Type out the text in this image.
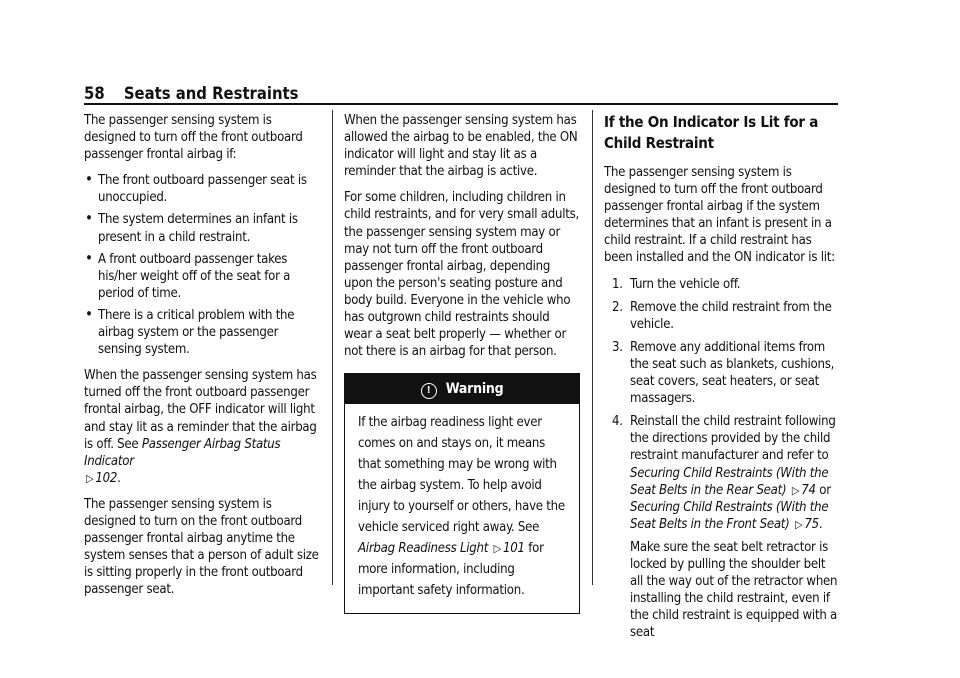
58 Seats and Restraints

The passenger sensing system is designed to turn off the front outboard passenger frontal airbag if:

• The front outboard passenger seat is unoccupied.
• The system determines an infant is present in a child restraint.
• A front outboard passenger takes his/her weight off of the seat for a period of time.
• There is a critical problem with the airbag system or the passenger sensing system.

When the passenger sensing system has turned off the front outboard passenger frontal airbag, the OFF indicator will light and stay lit as a reminder that the airbag is off. See Passenger Airbag Status Indicator
▷ 102.

The passenger sensing system is designed to turn on the front outboard passenger frontal airbag anytime the system senses that a person of adult size is sitting properly in the front outboard passenger seat.

When the passenger sensing system has allowed the airbag to be enabled, the ON indicator will light and stay lit as a reminder that the airbag is active.

For some children, including children in child restraints, and for very small adults, the passenger sensing system may or may not turn off the front outboard passenger frontal airbag, depending upon the person's seating posture and body build. Everyone in the vehicle who has outgrown child restraints should wear a seat belt properly — whether or not there is an airbag for that person.

! Warning
If the airbag readiness light ever comes on and stays on, it means that something may be wrong with the airbag system. To help avoid injury to yourself or others, have the vehicle serviced right away. See Airbag Readiness Light ▷ 101 for more information, including important safety information.
If the On Indicator Is Lit for a Child Restraint

The passenger sensing system is designed to turn off the front outboard passenger frontal airbag if the system determines that an infant is present in a child restraint. If a child restraint has been installed and the ON indicator is lit:

1. Turn the vehicle off.
2. Remove the child restraint from the vehicle.
3. Remove any additional items from the seat such as blankets, cushions, seat covers, seat heaters, or seat massagers.
4. Reinstall the child restraint following the directions provided by the child restraint manufacturer and refer to Securing Child Restraints (With the Seat Belts in the Rear Seat) ▷ 74 or
Securing Child Restraints (With the Seat Belts in the Front Seat) ▷ 75.
Make sure the seat belt retractor is locked by pulling the shoulder belt all the way out of the retractor when installing the child restraint, even if the child restraint is equipped with a seat
